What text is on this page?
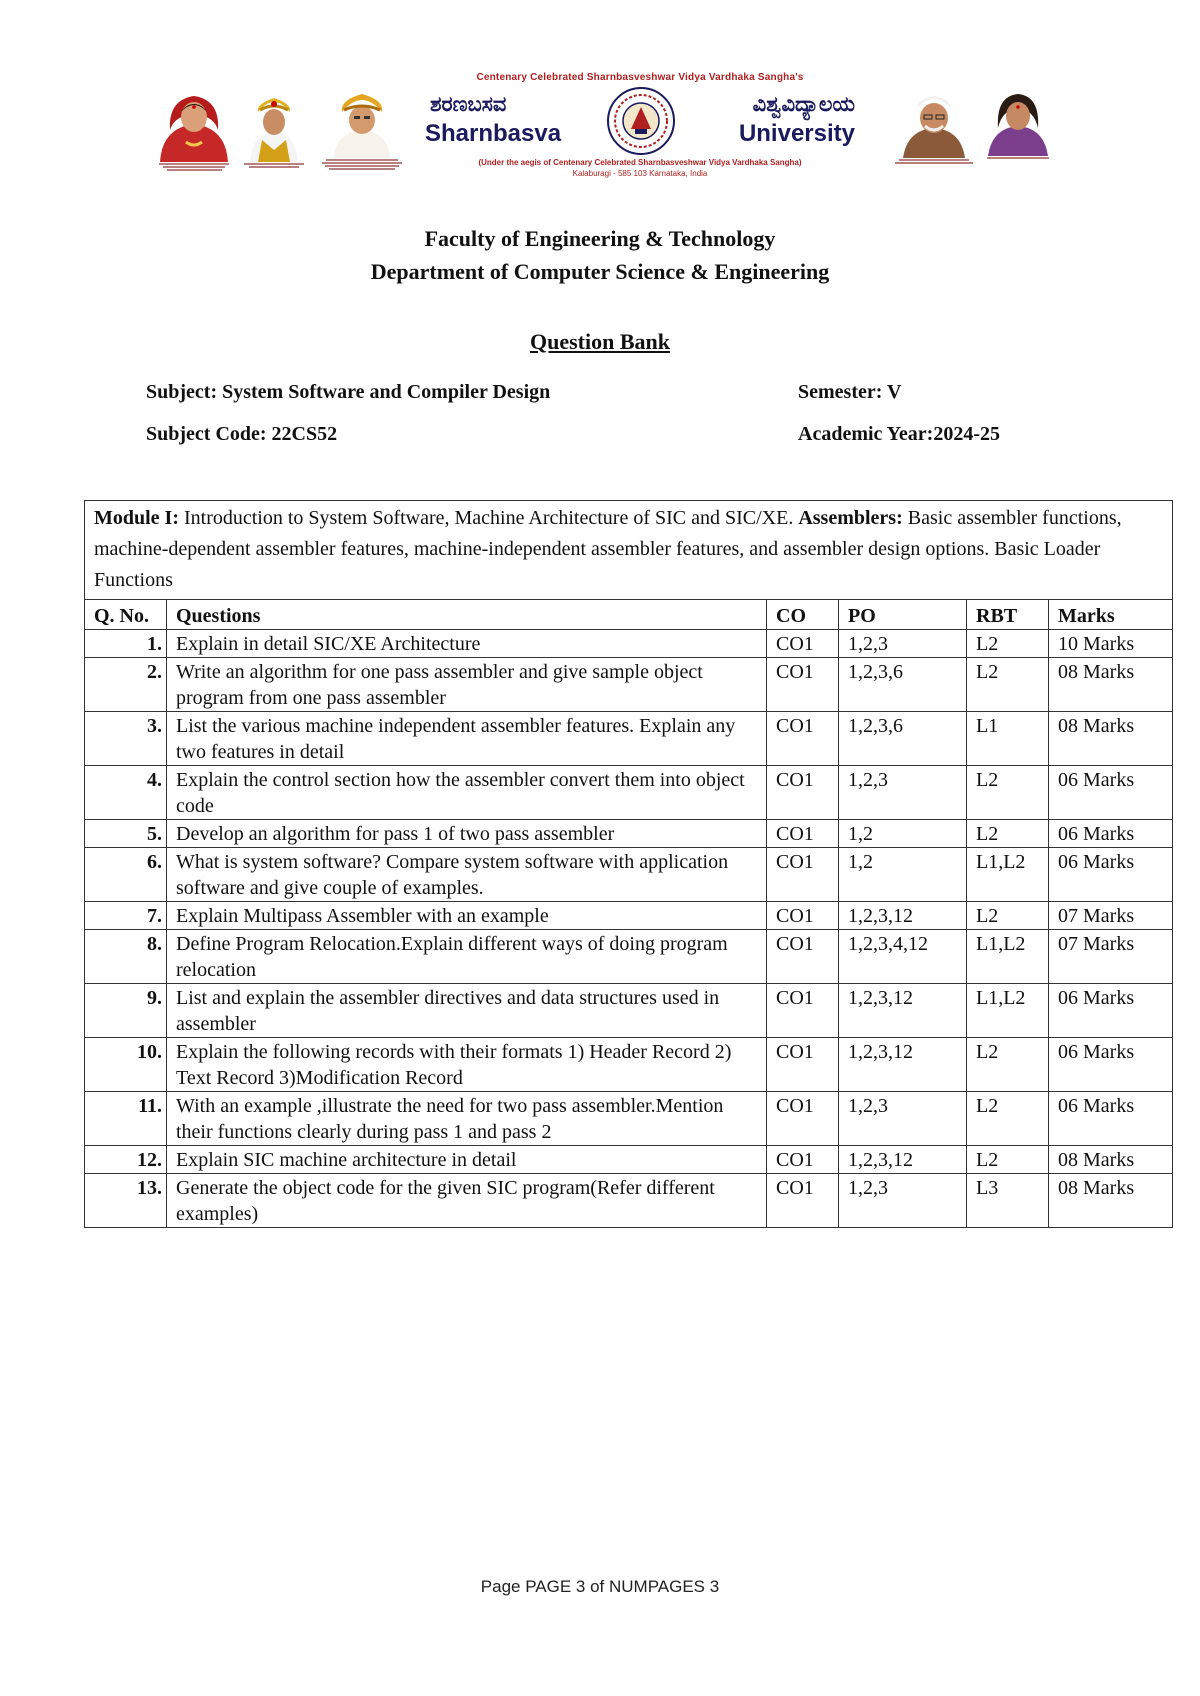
Centenary Celebrated Sharnbasveshwar Vidya Vardhaka Sangha's
ಶರಣಬಸವ	ವಿಶ್ವವಿದ್ಯಾಲಯ
Sharnbasva	University
(Under the aegis of Centenary Celebrated Sharnbasveshwar Vidya Vardhaka Sangha)
Kalaburagi - 585 103 Karnataka, India
Faculty of Engineering & Technology
Department of Computer Science & Engineering
Question Bank
Subject: System Software and Compiler Design	Semester: V
Subject Code: 22CS52	Academic Year:2024-25
Module I: Introduction to System Software, Machine Architecture of SIC and SIC/XE. Assemblers: Basic assembler functions, machine-dependent assembler features, machine-independent assembler features, and assembler design options. Basic Loader Functions					
Q. No.	Questions	CO	PO	RBT	Marks
1.	Explain in detail SIC/XE Architecture	CO1	1,2,3	L2	10 Marks
2.	Write an algorithm for one pass assembler and give sample object program from one pass assembler	CO1	1,2,3,6	L2	08 Marks
3.	List the various machine independent assembler features. Explain any two features in detail	CO1	1,2,3,6	L1	08 Marks
4.	Explain the control section how the assembler convert them into object code	CO1	1,2,3	L2	06 Marks
5.	Develop an algorithm for pass 1 of two pass assembler	CO1	1,2	L2	06 Marks
6.	What is system software? Compare system software with application software and give couple of examples.	CO1	1,2	L1,L2	06 Marks
7.	Explain Multipass Assembler with an example	CO1	1,2,3,12	L2	07 Marks
8.	Define Program Relocation.Explain different ways of doing program relocation	CO1	1,2,3,4,12	L1,L2	07 Marks
9.	List and explain the assembler directives and data structures used in assembler	CO1	1,2,3,12	L1,L2	06 Marks
10.	Explain the following records with their formats 1) Header Record 2) Text Record 3)Modification Record	CO1	1,2,3,12	L2	06 Marks
11.	With an example ,illustrate the need for two pass assembler.Mention their functions clearly during pass 1 and pass 2	CO1	1,2,3	L2	06 Marks
12.	Explain SIC machine architecture in detail	CO1	1,2,3,12	L2	08 Marks
13.	Generate the object code for the given SIC program(Refer different examples)	CO1	1,2,3	L3	08 Marks
Page PAGE 3 of NUMPAGES 3
